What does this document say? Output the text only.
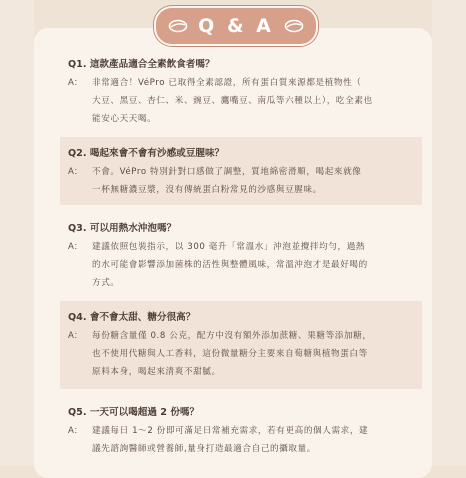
Q & A
Q1. 這款產品適合全素飲食者嗎？
A：	非常適合！VéPro 已取得全素認證，所有蛋白質來源都是植物性（
大豆、黑豆、杏仁、米、豌豆、鷹嘴豆、南瓜等六種以上），吃全素也
能安心天天喝。
Q2. 喝起來會不會有沙感或豆腥味？
A：	不會。VéPro 特別針對口感做了調整，質地綿密滑順，喝起來就像
一杯無糖濃豆漿，沒有傳統蛋白粉常見的沙感與豆腥味。
Q3. 可以用熱水沖泡嗎？
A：	建議依照包裝指示，以 300 毫升「常溫水」沖泡並攪拌均勻，過熱
的水可能會影響添加菌株的活性與整體風味，常溫沖泡才是最好喝的
方式。
Q4. 會不會太甜、糖分很高？
A：	每份糖含量僅 0.8 公克，配方中沒有額外添加蔗糖、果糖等添加糖，
也不使用代糖與人工香料，這份微量糖分主要來自萄糖與植物蛋白等
原料本身，喝起來清爽不甜膩。
Q5. 一天可以喝超過 2 份嗎？
A：	建議每日 1～2 份即可滿足日常補充需求，若有更高的個人需求，建
議先諮詢醫師或營養師,量身打造最適合自己的攝取量。
